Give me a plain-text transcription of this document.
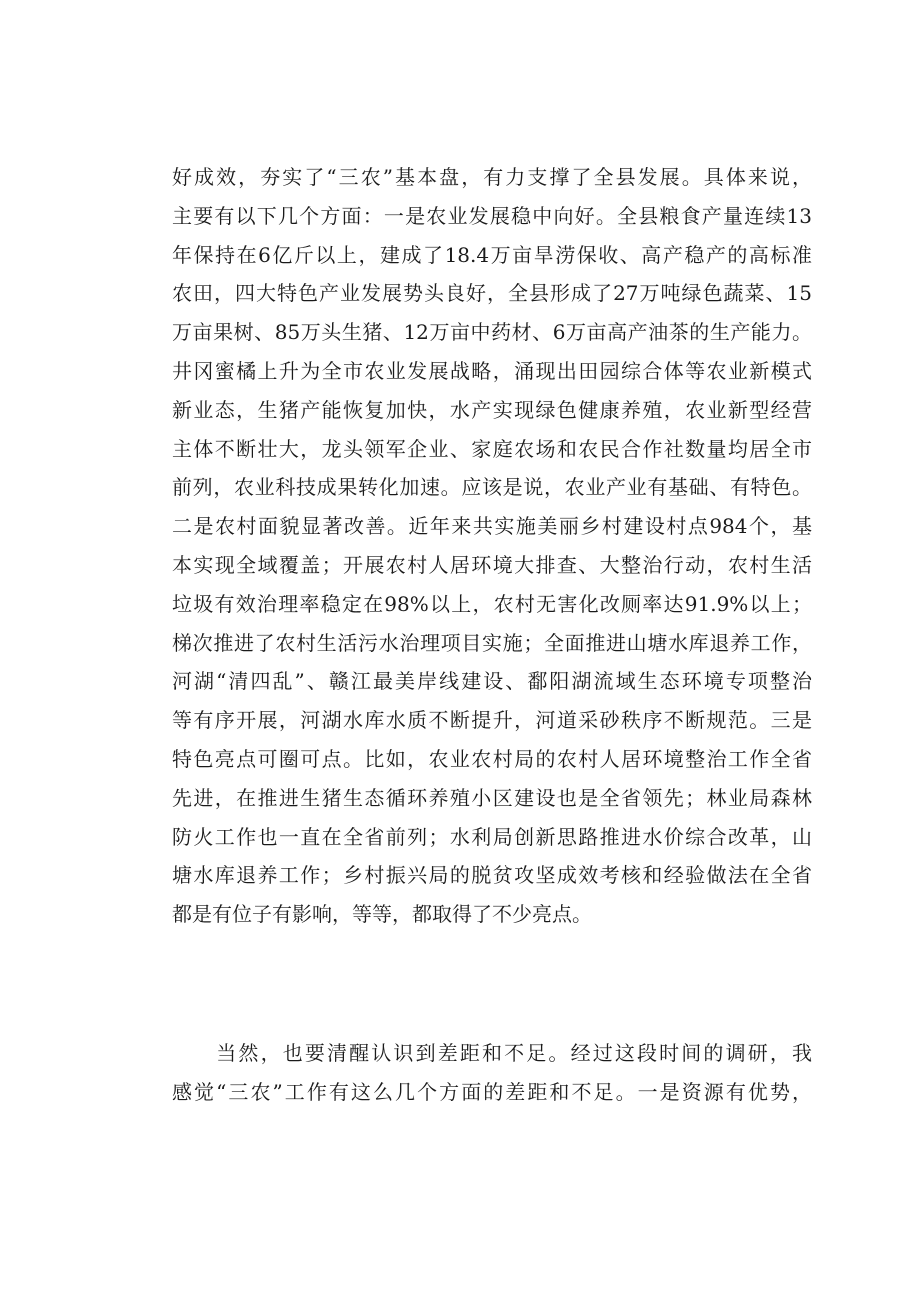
好成效，夯实了“三农”基本盘，有力支撑了全县发展。具体来说，
主要有以下几个方面：一是农业发展稳中向好。全县粮食产量连续13
年保持在6亿斤以上，建成了18.4万亩旱涝保收、高产稳产的高标准
农田，四大特色产业发展势头良好，全县形成了27万吨绿色蔬菜、15
万亩果树、85万头生猪、12万亩中药材、6万亩高产油茶的生产能力。
井冈蜜橘上升为全市农业发展战略，涌现出田园综合体等农业新模式
新业态，生猪产能恢复加快，水产实现绿色健康养殖，农业新型经营
主体不断壮大，龙头领军企业、家庭农场和农民合作社数量均居全市
前列，农业科技成果转化加速。应该是说，农业产业有基础、有特色。
二是农村面貌显著改善。近年来共实施美丽乡村建设村点984个，基
本实现全域覆盖；开展农村人居环境大排查、大整治行动，农村生活
垃圾有效治理率稳定在98%以上，农村无害化改厕率达91.9%以上；
梯次推进了农村生活污水治理项目实施；全面推进山塘水库退养工作，
河湖“清四乱”、赣江最美岸线建设、鄱阳湖流域生态环境专项整治
等有序开展，河湖水库水质不断提升，河道采砂秩序不断规范。三是
特色亮点可圈可点。比如，农业农村局的农村人居环境整治工作全省
先进，在推进生猪生态循环养殖小区建设也是全省领先；林业局森林
防火工作也一直在全省前列；水利局创新思路推进水价综合改革，山
塘水库退养工作；乡村振兴局的脱贫攻坚成效考核和经验做法在全省
都是有位子有影响，等等，都取得了不少亮点。
　　当然，也要清醒认识到差距和不足。经过这段时间的调研，我
感觉“三农”工作有这么几个方面的差距和不足。一是资源有优势，
